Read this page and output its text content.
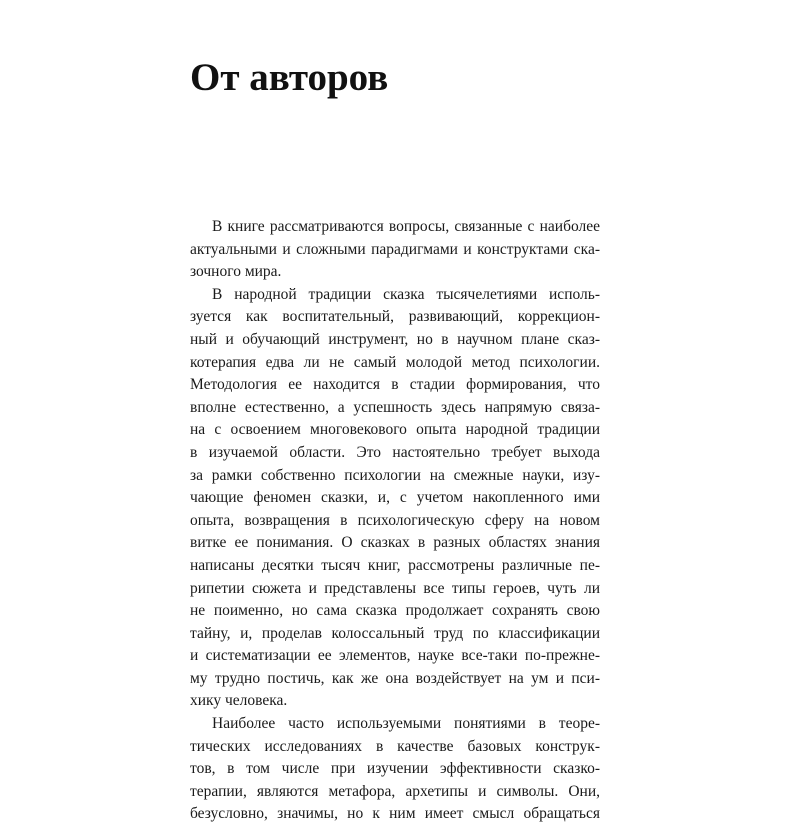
От авторов
В книге рассматриваются вопросы, связанные с наиболее
актуальными и сложными парадигмами и конструктами ска-
зочного мира.
В народной традиции сказка тысячелетиями исполь-
зуется как воспитательный, развивающий, коррекцион-
ный и обучающий инструмент, но в научном плане сказ-
котерапия едва ли не самый молодой метод психологии.
Методология ее находится в стадии формирования, что
вполне естественно, а успешность здесь напрямую связа-
на с освоением многовекового опыта народной традиции
в изучаемой области. Это настоятельно требует выхода
за рамки собственно психологии на смежные науки, изу-
чающие феномен сказки, и, с учетом накопленного ими
опыта, возвращения в психологическую сферу на новом
витке ее понимания. О сказках в разных областях знания
написаны десятки тысяч книг, рассмотрены различные пе-
рипетии сюжета и представлены все типы героев, чуть ли
не поименно, но сама сказка продолжает сохранять свою
тайну, и, проделав колоссальный труд по классификации
и систематизации ее элементов, науке все-таки по-прежне-
му трудно постичь, как же она воздействует на ум и пси-
хику человека.
Наиболее часто используемыми понятиями в теоре-
тических исследованиях в качестве базовых конструк-
тов, в том числе при изучении эффективности сказко-
терапии, являются метафора, архетипы и символы. Они,
безусловно, значимы, но к ним имеет смысл обращаться
